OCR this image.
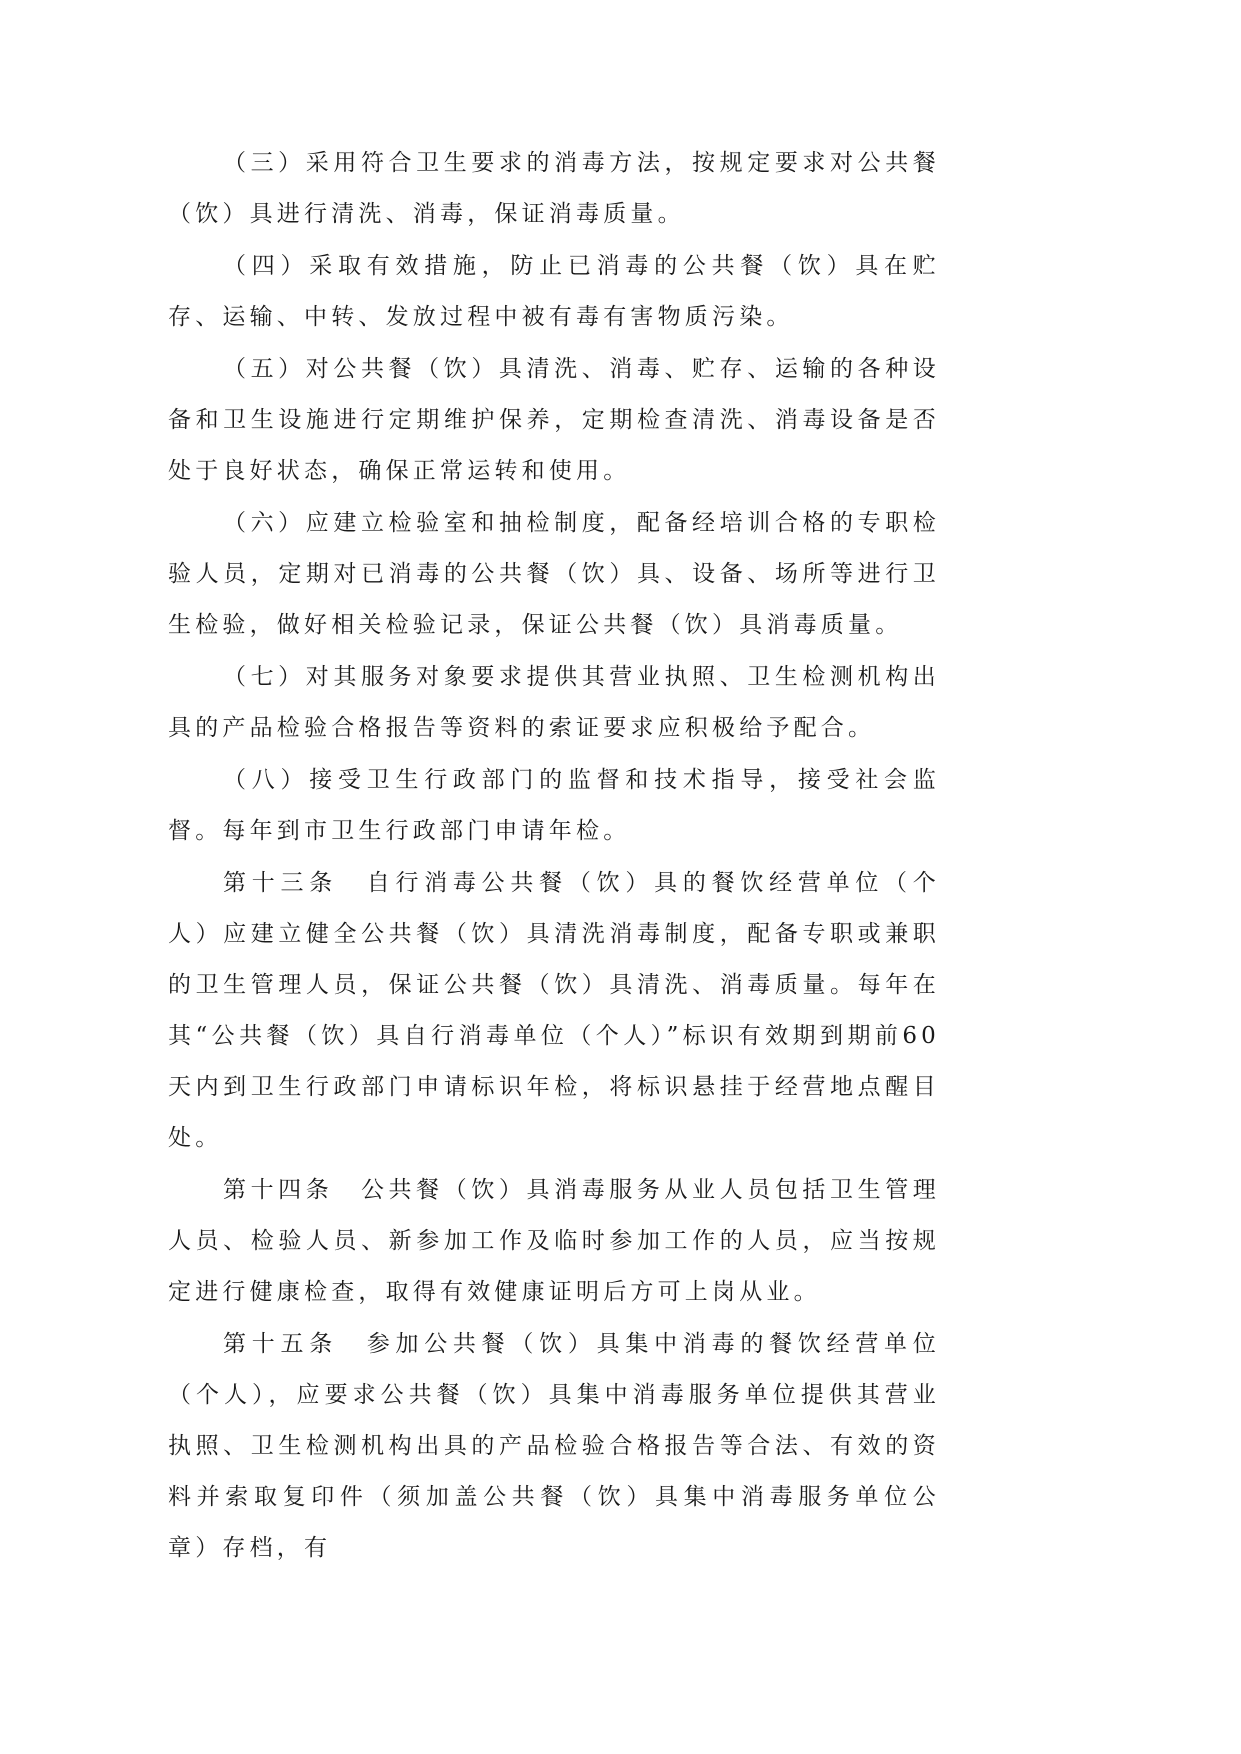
（三）采用符合卫生要求的消毒方法，按规定要求对公共餐（饮）具进行清洗、消毒，保证消毒质量。

（四）采取有效措施，防止已消毒的公共餐（饮）具在贮存、运输、中转、发放过程中被有毒有害物质污染。

（五）对公共餐（饮）具清洗、消毒、贮存、运输的各种设备和卫生设施进行定期维护保养，定期检查清洗、消毒设备是否处于良好状态，确保正常运转和使用。

（六）应建立检验室和抽检制度，配备经培训合格的专职检验人员，定期对已消毒的公共餐（饮）具、设备、场所等进行卫生检验，做好相关检验记录，保证公共餐（饮）具消毒质量。

（七）对其服务对象要求提供其营业执照、卫生检测机构出具的产品检验合格报告等资料的索证要求应积极给予配合。

（八）接受卫生行政部门的监督和技术指导，接受社会监督。每年到市卫生行政部门申请年检。

第十三条　自行消毒公共餐（饮）具的餐饮经营单位（个人）应建立健全公共餐（饮）具清洗消毒制度，配备专职或兼职的卫生管理人员，保证公共餐（饮）具清洗、消毒质量。每年在其“公共餐（饮）具自行消毒单位（个人）”标识有效期到期前60天内到卫生行政部门申请标识年检，将标识悬挂于经营地点醒目处。

第十四条　公共餐（饮）具消毒服务从业人员包括卫生管理人员、检验人员、新参加工作及临时参加工作的人员，应当按规定进行健康检查，取得有效健康证明后方可上岗从业。

第十五条　参加公共餐（饮）具集中消毒的餐饮经营单位（个人），应要求公共餐（饮）具集中消毒服务单位提供其营业执照、卫生检测机构出具的产品检验合格报告等合法、有效的资料并索取复印件（须加盖公共餐（饮）具集中消毒服务单位公章）存档，有
